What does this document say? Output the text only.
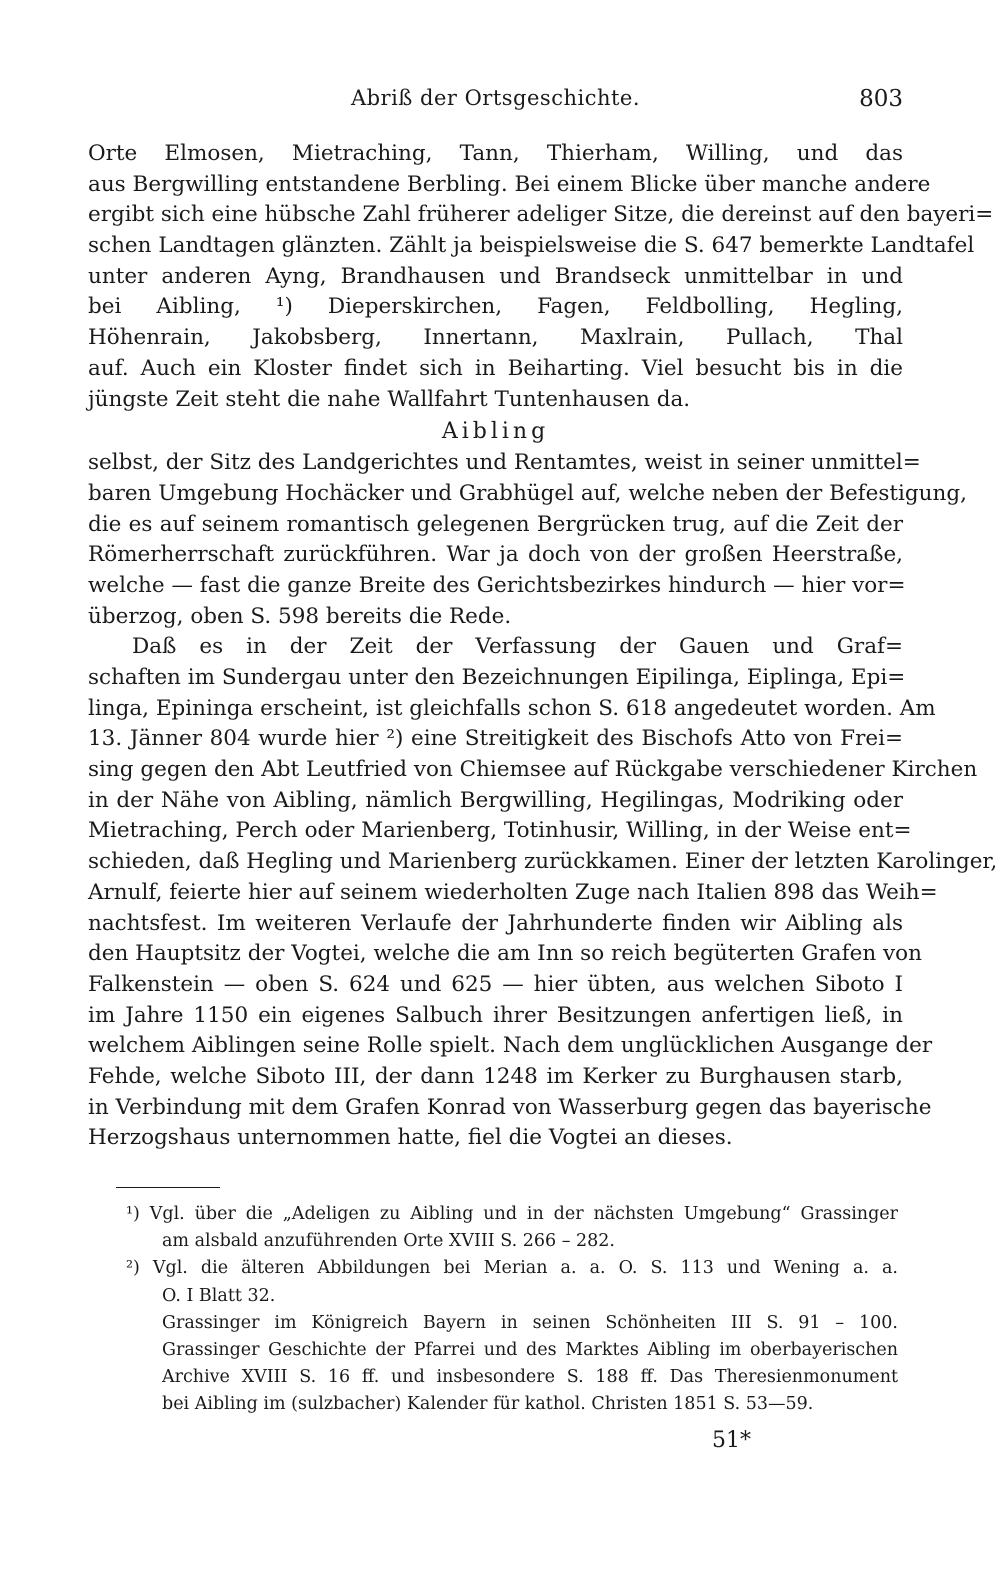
Abriß der Ortsgeschichte.	803
Orte Elmosen, Mietraching, Tann, Thierham, Willing, und das
aus Bergwilling entstandene Berbling. Bei einem Blicke über manche andere
ergibt sich eine hübsche Zahl früherer adeliger Sitze, die dereinst auf den bayeri=
schen Landtagen glänzten. Zählt ja beispielsweise die S. 647 bemerkte Landtafel
unter anderen Ayng, Brandhausen und Brandseck unmittelbar in und
bei Aibling, ¹) Dieperskirchen, Fagen, Feldbolling, Hegling,
Höhenrain, Jakobsberg, Innertann, Maxlrain, Pullach, Thal
auf. Auch ein Kloster findet sich in Beiharting. Viel besucht bis in die
jüngste Zeit steht die nahe Wallfahrt Tuntenhausen da.
Aibling
selbst, der Sitz des Landgerichtes und Rentamtes, weist in seiner unmittel=
baren Umgebung Hochäcker und Grabhügel auf, welche neben der Befestigung,
die es auf seinem romantisch gelegenen Bergrücken trug, auf die Zeit der
Römerherrschaft zurückführen. War ja doch von der großen Heerstraße,
welche — fast die ganze Breite des Gerichtsbezirkes hindurch — hier vor=
überzog, oben S. 598 bereits die Rede.
Daß es in der Zeit der Verfassung der Gauen und Graf=
schaften im Sundergau unter den Bezeichnungen Eipilinga, Eiplinga, Epi=
linga, Epininga erscheint, ist gleichfalls schon S. 618 angedeutet worden. Am
13. Jänner 804 wurde hier ²) eine Streitigkeit des Bischofs Atto von Frei=
sing gegen den Abt Leutfried von Chiemsee auf Rückgabe verschiedener Kirchen
in der Nähe von Aibling, nämlich Bergwilling, Hegilingas, Modriking oder
Mietraching, Perch oder Marienberg, Totinhusir, Willing, in der Weise ent=
schieden, daß Hegling und Marienberg zurückkamen. Einer der letzten Karolinger,
Arnulf, feierte hier auf seinem wiederholten Zuge nach Italien 898 das Weih=
nachtsfest. Im weiteren Verlaufe der Jahrhunderte finden wir Aibling als
den Hauptsitz der Vogtei, welche die am Inn so reich begüterten Grafen von
Falkenstein — oben S. 624 und 625 — hier übten, aus welchen Siboto I
im Jahre 1150 ein eigenes Salbuch ihrer Besitzungen anfertigen ließ, in
welchem Aiblingen seine Rolle spielt. Nach dem unglücklichen Ausgange der
Fehde, welche Siboto III, der dann 1248 im Kerker zu Burghausen starb,
in Verbindung mit dem Grafen Konrad von Wasserburg gegen das bayerische
Herzogshaus unternommen hatte, fiel die Vogtei an dieses.
¹) Vgl. über die „Adeligen zu Aibling und in der nächsten Umgebung“ Grassinger
am alsbald anzuführenden Orte XVIII S. 266 – 282.
²) Vgl. die älteren Abbildungen bei Merian a. a. O. S. 113 und Wening a. a.
O. I Blatt 32.
Grassinger im Königreich Bayern in seinen Schönheiten III S. 91 – 100.
Grassinger Geschichte der Pfarrei und des Marktes Aibling im oberbayerischen
Archive XVIII S. 16 ff. und insbesondere S. 188 ff. Das Theresienmonument
bei Aibling im (sulzbacher) Kalender für kathol. Christen 1851 S. 53—59.
51*
